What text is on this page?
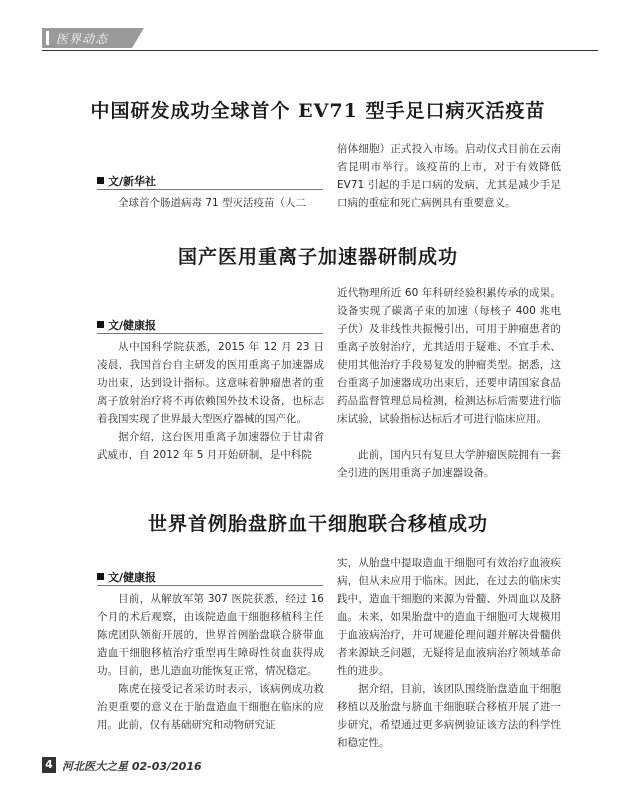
医界动态
中国研发成功全球首个 EV71 型手足口病灭活疫苗
文/新华社
全球首个肠道病毒 71 型灭活疫苗（人二
倍体细胞）正式投入市场。启动仪式目前在云南省昆明市举行。该疫苗的上市，对于有效降低 EV71 引起的手足口病的发病，尤其是减少手足口病的重症和死亡病例具有重要意义。
国产医用重离子加速器研制成功
文/健康报
从中国科学院获悉，2015 年 12 月 23 日凌晨，我国首台自主研发的医用重离子加速器成功出束，达到设计指标。这意味着肿瘤患者的重离子放射治疗将不再依赖国外技术设备，也标志着我国实现了世界最大型医疗器械的国产化。
据介绍，这台医用重离子加速器位于甘肃省武威市，自 2012 年 5 月开始研制，是中科院
近代物理所近 60 年科研经验积累传承的成果。设备实现了碳离子束的加速（每核子 400 兆电子伏）及非线性共振慢引出，可用于肿瘤患者的重离子放射治疗，尤其适用于疑难、不宜手术、使用其他治疗手段易复发的肿瘤类型。据悉，这台重离子加速器成功出束后，还要申请国家食品药品监督管理总局检测，检测达标后需要进行临床试验，试验指标达标后才可进行临床应用。
此前，国内只有复旦大学肿瘤医院拥有一套全引进的医用重离子加速器设备。
世界首例胎盘脐血干细胞联合移植成功
文/健康报
目前，从解放军第 307 医院获悉，经过 16 个月的术后观察，由该院造血干细胞移植科主任陈虎团队领衔开展的，世界首例胎盘联合脐带血造血干细胞移植治疗重型再生障碍性贫血获得成功。目前，患儿造血功能恢复正常，情况稳定。
陈虎在接受记者采访时表示，该病例成功救治更重要的意义在于胎盘造血干细胞在临床的应用。此前，仅有基础研究和动物研究证
实，从胎盘中提取造血干细胞可有效治疗血液疾病，但从未应用于临床。因此，在过去的临床实践中，造血干细胞的来源为骨髓、外周血以及脐血。未来，如果胎盘中的造血干细胞可大规模用于血液病治疗，并可规避伦理问题并解决骨髓供者来源缺乏问题，无疑将是血液病治疗领域革命性的进步。
据介绍，目前，该团队围绕胎盘造血干细胞移植以及胎盘与脐血干细胞联合移植开展了进一步研究，希望通过更多病例验证该方法的科学性和稳定性。
4 河北医大之星 02-03/2016
